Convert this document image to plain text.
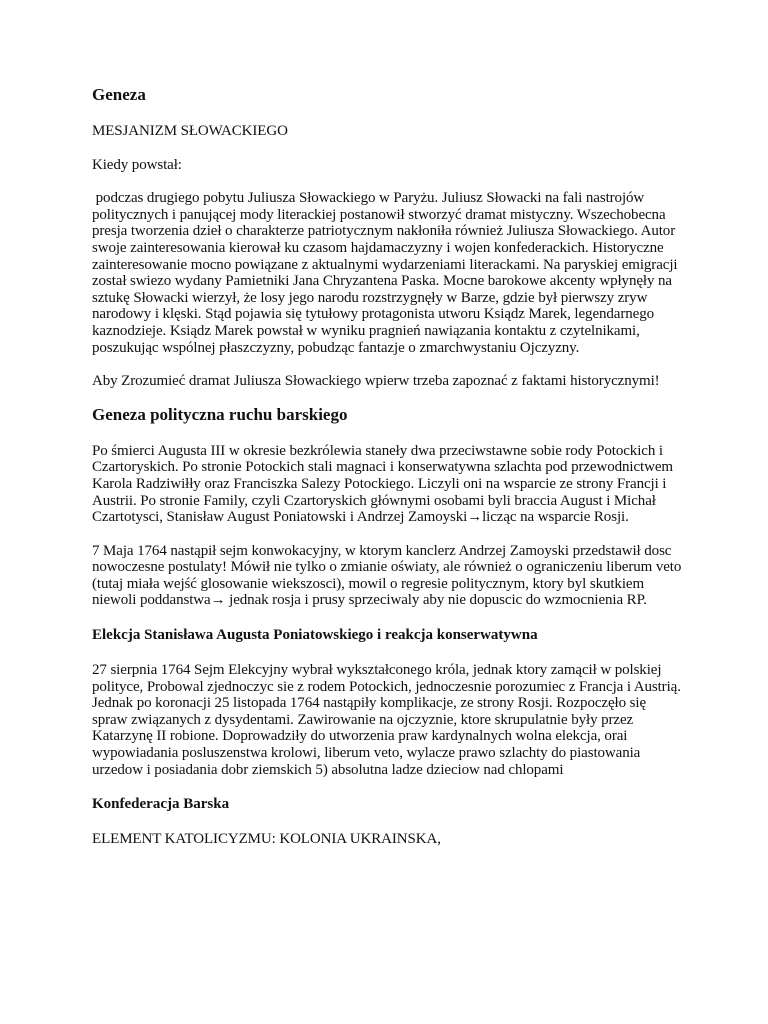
Geneza

MESJANIZM SŁOWACKIEGO

Kiedy powstał:

podczas drugiego pobytu Juliusza Słowackiego w Paryżu. Juliusz Słowacki na fali nastrojów politycznych i panującej mody literackiej postanowił stworzyć dramat mistyczny. Wszechobecna presja tworzenia dzieł o charakterze patriotycznym nakłoniła również Juliusza Słowackiego. Autor swoje zainteresowania kierował ku czasom hajdamaczyzny i wojen konfederackich. Historyczne zainteresowanie mocno powiązane z aktualnymi wydarzeniami literackami. Na paryskiej emigracji został swiezo wydany Pamietniki Jana Chryzantena Paska. Mocne barokowe akcenty wpłynęły na sztukę Słowacki wierzył, że losy jego narodu rozstrzygnęły w Barze, gdzie był pierwszy zryw narodowy i klęski. Stąd pojawia się tytułowy protagonista utworu Ksiądz Marek, legendarnego kaznodzieje. Ksiądz Marek powstał w wyniku pragnień nawiązania kontaktu z czytelnikami, poszukując wspólnej płaszczyzny, pobudząc fantazje o zmarchwystaniu Ojczyzny.

Aby Zrozumieć dramat Juliusza Słowackiego wpierw trzeba zapoznać z faktami historycznymi!

Geneza polityczna ruchu barskiego

Po śmierci Augusta III w okresie bezkrólewia staneły dwa przeciwstawne sobie rody Potockich i Czartoryskich. Po stronie Potockich stali magnaci i konserwatywna szlachta pod przewodnictwem Karola Radziwiłły oraz Franciszka Salezy Potockiego. Liczyli oni na wsparcie ze strony Francji i Austrii. Po stronie Family, czyli Czartoryskich głównymi osobami byli braccia August i Michał Czartotysci, Stanisław August Poniatowski i Andrzej Zamoyski→licząc na wsparcie Rosji.

7 Maja 1764 nastąpił sejm konwokacyjny, w ktorym kanclerz Andrzej Zamoyski przedstawił dosc nowoczesne postulaty! Mówił nie tylko o zmianie oświaty, ale również o ograniczeniu liberum veto (tutaj miała wejść glosowanie wiekszosci), mowil o regresie politycznym, ktory byl skutkiem niewoli poddanstwa→ jednak rosja i prusy sprzeciwaly aby nie dopuscic do wzmocnienia RP.

Elekcja Stanisława Augusta Poniatowskiego i reakcja konserwatywna

27 sierpnia 1764 Sejm Elekcyjny wybrał wykształconego króla, jednak ktory zamącił w polskiej polityce, Probowal zjednoczyc sie z rodem Potockich, jednoczesnie porozumiec z Francja i Austrią. Jednak po koronacji 25 listopada 1764 nastąpiły komplikacje, ze strony Rosji. Rozpoczęło się spraw związanych z dysydentami. Zawirowanie na ojczyznie, ktore skrupulatnie były przez Katarzynę II robione. Doprowadziły do utworzenia praw kardynalnych wolna elekcja, orai wypowiadania posluszenstwa krolowi, liberum veto, wylacze prawo szlachty do piastowania urzedow i posiadania dobr ziemskich 5) absolutna ladze dzieciow nad chlopami

Konfederacja Barska

ELEMENT KATOLICYZMU: KOLONIA UKRAINSKA,
